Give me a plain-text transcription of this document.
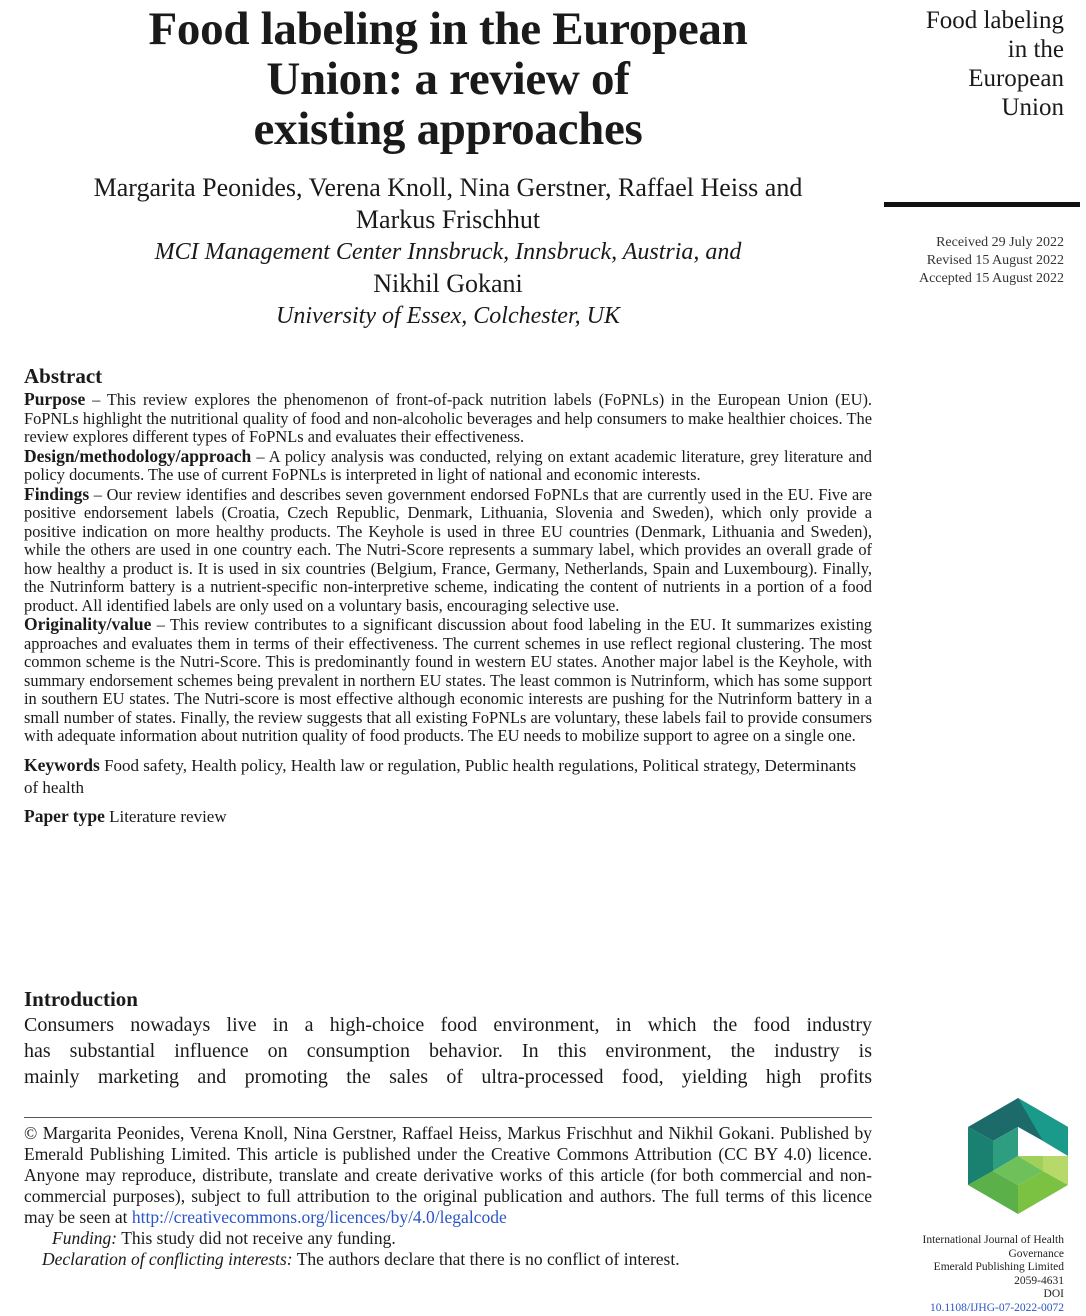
Food labeling in the European
Union: a review of
existing approaches
Margarita Peonides, Verena Knoll, Nina Gerstner, Raffael Heiss and
Markus Frischhut
MCI Management Center Innsbruck, Innsbruck, Austria, and
Nikhil Gokani
University of Essex, Colchester, UK
Food labeling
in the
European
Union
Received 29 July 2022
Revised 15 August 2022
Accepted 15 August 2022
Abstract

Purpose – This review explores the phenomenon of front-of-pack nutrition labels (FoPNLs) in the European Union (EU). FoPNLs highlight the nutritional quality of food and non-alcoholic beverages and help consumers to make healthier choices. The review explores different types of FoPNLs and evaluates their effectiveness.

Design/methodology/approach – A policy analysis was conducted, relying on extant academic literature, grey literature and policy documents. The use of current FoPNLs is interpreted in light of national and economic interests.

Findings – Our review identifies and describes seven government endorsed FoPNLs that are currently used in the EU. Five are positive endorsement labels (Croatia, Czech Republic, Denmark, Lithuania, Slovenia and Sweden), which only provide a positive indication on more healthy products. The Keyhole is used in three EU countries (Denmark, Lithuania and Sweden), while the others are used in one country each. The Nutri-Score represents a summary label, which provides an overall grade of how healthy a product is. It is used in six countries (Belgium, France, Germany, Netherlands, Spain and Luxembourg). Finally, the Nutrinform battery is a nutrient-specific non-interpretive scheme, indicating the content of nutrients in a portion of a food product. All identified labels are only used on a voluntary basis, encouraging selective use.

Originality/value – This review contributes to a significant discussion about food labeling in the EU. It summarizes existing approaches and evaluates them in terms of their effectiveness. The current schemes in use reflect regional clustering. The most common scheme is the Nutri-Score. This is predominantly found in western EU states. Another major label is the Keyhole, with summary endorsement schemes being prevalent in northern EU states. The least common is Nutrinform, which has some support in southern EU states. The Nutri-score is most effective although economic interests are pushing for the Nutrinform battery in a small number of states. Finally, the review suggests that all existing FoPNLs are voluntary, these labels fail to provide consumers with adequate information about nutrition quality of food products. The EU needs to mobilize support to agree on a single one.

Keywords Food safety, Health policy, Health law or regulation, Public health regulations, Political strategy, Determinants of health

Paper type Literature review

Introduction

Consumers nowadays live in a high-choice food environment, in which the food industry

has substantial influence on consumption behavior. In this environment, the industry is

mainly marketing and promoting the sales of ultra-processed food, yielding high profits

© Margarita Peonides, Verena Knoll, Nina Gerstner, Raffael Heiss, Markus Frischhut and Nikhil Gokani. Published by Emerald Publishing Limited. This article is published under the Creative Commons Attribution (CC BY 4.0) licence. Anyone may reproduce, distribute, translate and create derivative works of this article (for both commercial and non-commercial purposes), subject to full attribution to the original publication and authors. The full terms of this licence may be seen at http://creativecommons.org/licences/by/4.0/legalcode

Funding: This study did not receive any funding.

Declaration of conflicting interests: The authors declare that there is no conflict of interest.

International Journal of Health
Governance
Emerald Publishing Limited
2059-4631
DOI
10.1108/IJHG-07-2022-0072
